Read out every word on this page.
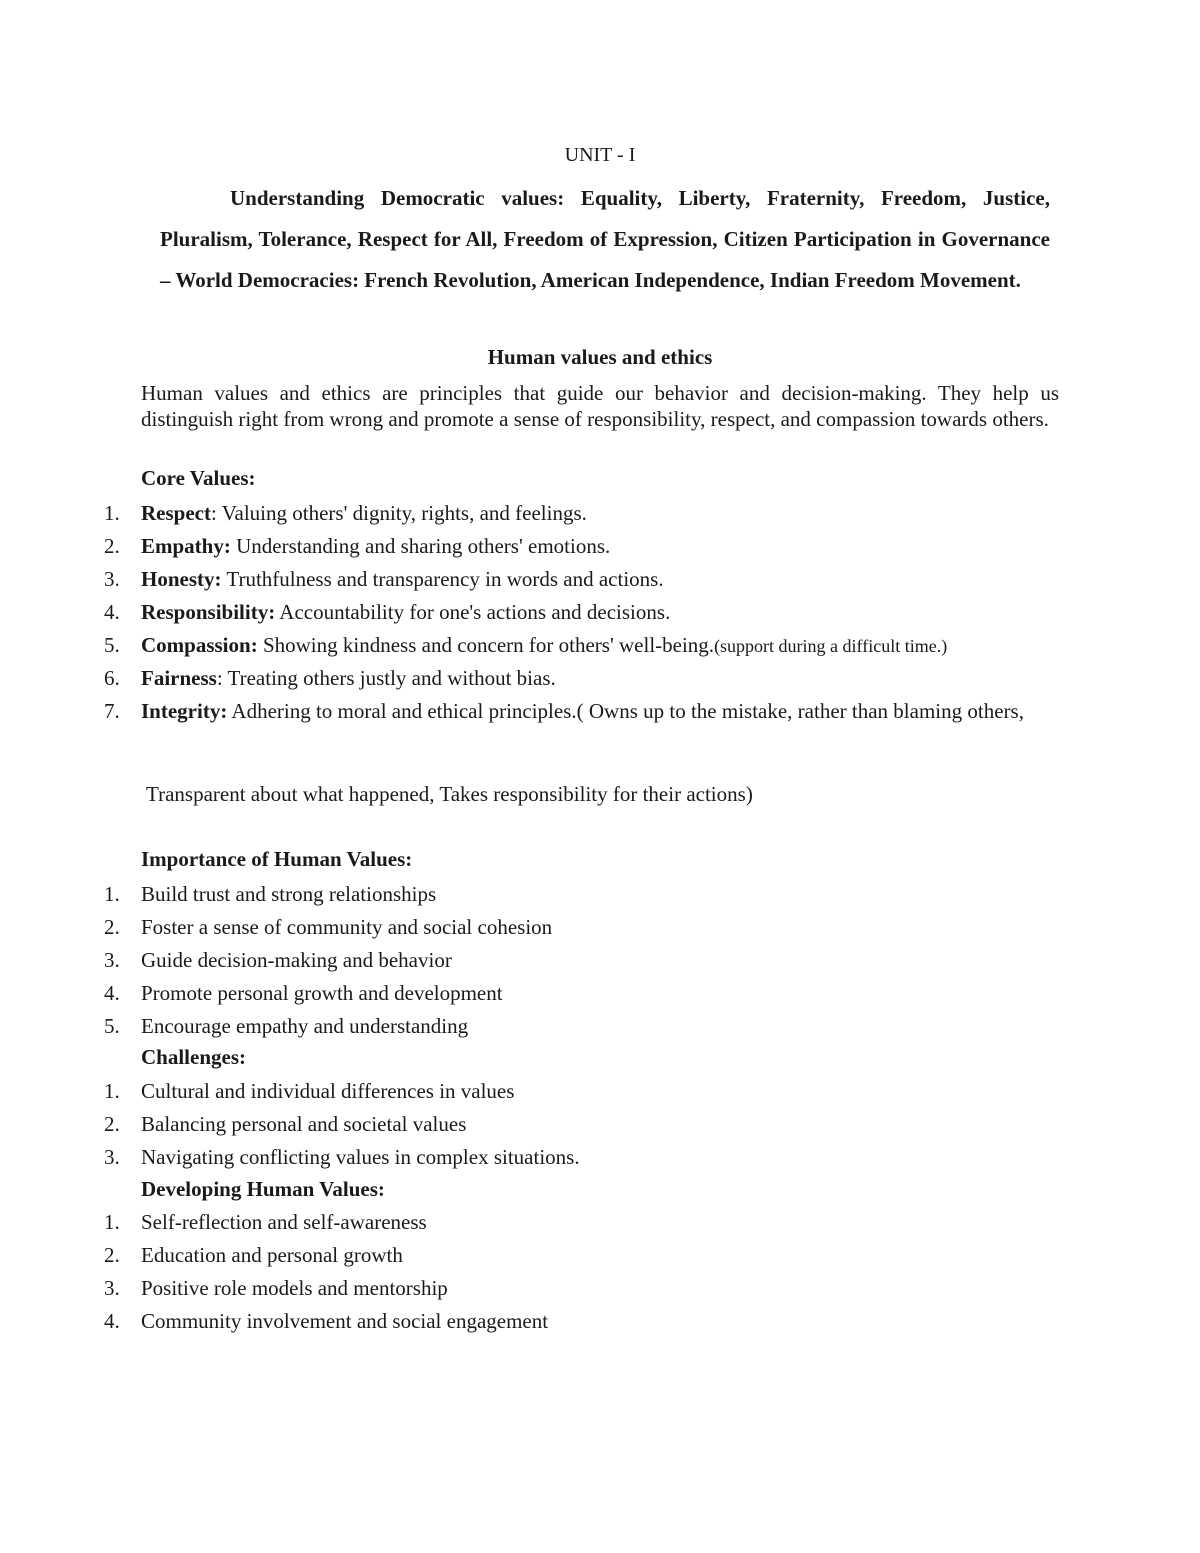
UNIT - I

Understanding Democratic values: Equality, Liberty, Fraternity, Freedom, Justice, Pluralism, Tolerance, Respect for All, Freedom of Expression, Citizen Participation in Governance – World Democracies: French Revolution, American Independence, Indian Freedom Movement.

Human values and ethics

Human values and ethics are principles that guide our behavior and decision-making. They help us distinguish right from wrong and promote a sense of responsibility, respect, and compassion towards others.

Core Values:

1.	Respect: Valuing others' dignity, rights, and feelings.
2.	Empathy: Understanding and sharing others' emotions.
3.	Honesty: Truthfulness and transparency in words and actions.
4.	Responsibility: Accountability for one's actions and decisions.
5.	Compassion: Showing kindness and concern for others' well-being.(support during a difficult time.)
6.	Fairness: Treating others justly and without bias.
7.	Integrity: Adhering to moral and ethical principles.( Owns up to the mistake, rather than blaming others,

Transparent about what happened, Takes responsibility for their actions)

Importance of Human Values:

1.	Build trust and strong relationships
2.	Foster a sense of community and social cohesion
3.	Guide decision-making and behavior
4.	Promote personal growth and development
5.	Encourage empathy and understanding

Challenges:

1.	Cultural and individual differences in values
2.	Balancing personal and societal values
3.	Navigating conflicting values in complex situations.

Developing Human Values:

1.	Self-reflection and self-awareness
2.	Education and personal growth
3.	Positive role models and mentorship
4.	Community involvement and social engagement
